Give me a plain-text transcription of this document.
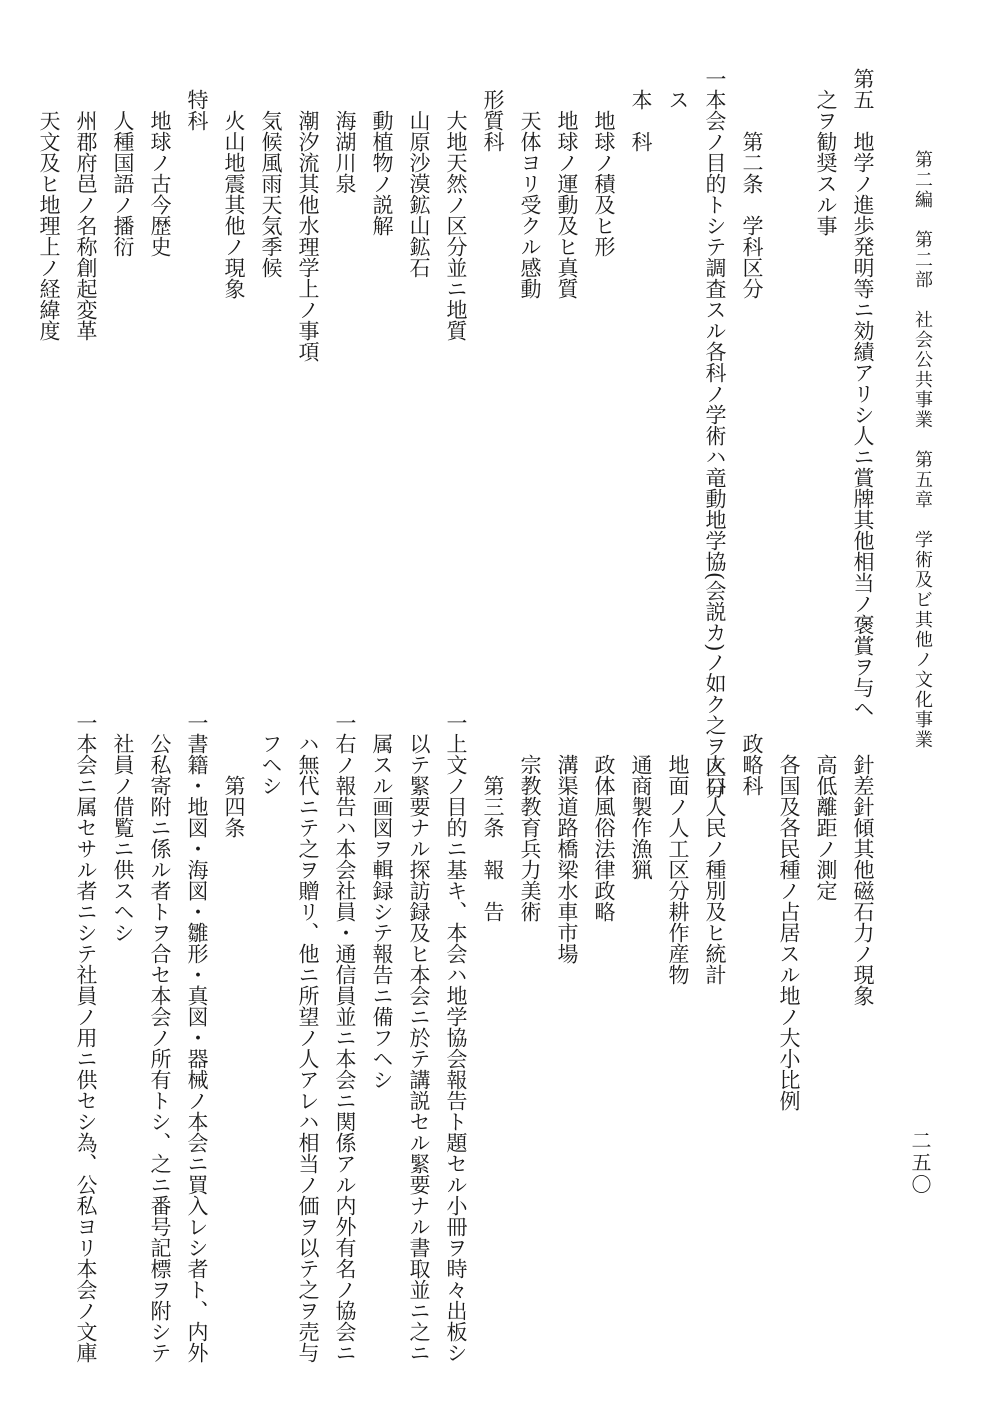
第二編　第二部　社会公共事業　第五章　学術及ビ其他ノ文化事業
二五〇
第五　地学ノ進歩発明等ニ効績アリシ人ニ賞牌其他相当ノ褒賞ヲ与ヘ
之ヲ勧奨スル事

第二条　学科区分
一本会ノ目的トシテ調査スル各科ノ学術ハ竜動地学協(会説カ)ノ如ク之ヲ区分
ス
本　科
地球ノ積及ヒ形
地球ノ運動及ヒ真質
天体ヨリ受クル感動
形質科
大地天然ノ区分並ニ地質
山原沙漠鉱山鉱石
動植物ノ説解
海湖川泉
潮汐流其他水理学上ノ事項
気候風雨天気季候
火山地震其他ノ現象
特科
地球ノ古今歴史
人種国語ノ播衍
州郡府邑ノ名称創起変革
天文及ヒ地理上ノ経緯度
針差針傾其他磁石力ノ現象
高低離距ノ測定
各国及各民種ノ占居スル地ノ大小比例
政略科
人口人民ノ種別及ヒ統計
地面ノ人工区分耕作産物
通商製作漁猟
政体風俗法律政略
溝渠道路橋梁水車市場
宗教教育兵力美術
第三条　報　告
一上文ノ目的ニ基キ、本会ハ地学協会報告ト題セル小冊ヲ時々出板シ
以テ緊要ナル探訪録及ヒ本会ニ於テ講説セル緊要ナル書取並ニ之ニ
属スル画図ヲ輯録シテ報告ニ備フヘシ
一右ノ報告ハ本会社員・通信員並ニ本会ニ関係アル内外有名ノ協会ニ
ハ無代ニテ之ヲ贈リ、他ニ所望ノ人アレハ相当ノ価ヲ以テ之ヲ売与
フヘシ
第四条
一書籍・地図・海図・雛形・真図・器械ノ本会ニ買入レシ者ト、内外
公私寄附ニ係ル者トヲ合セ本会ノ所有トシ、之ニ番号記標ヲ附シテ
社員ノ借覧ニ供スヘシ
一本会ニ属セサル者ニシテ社員ノ用ニ供セシ為、公私ヨリ本会ノ文庫
